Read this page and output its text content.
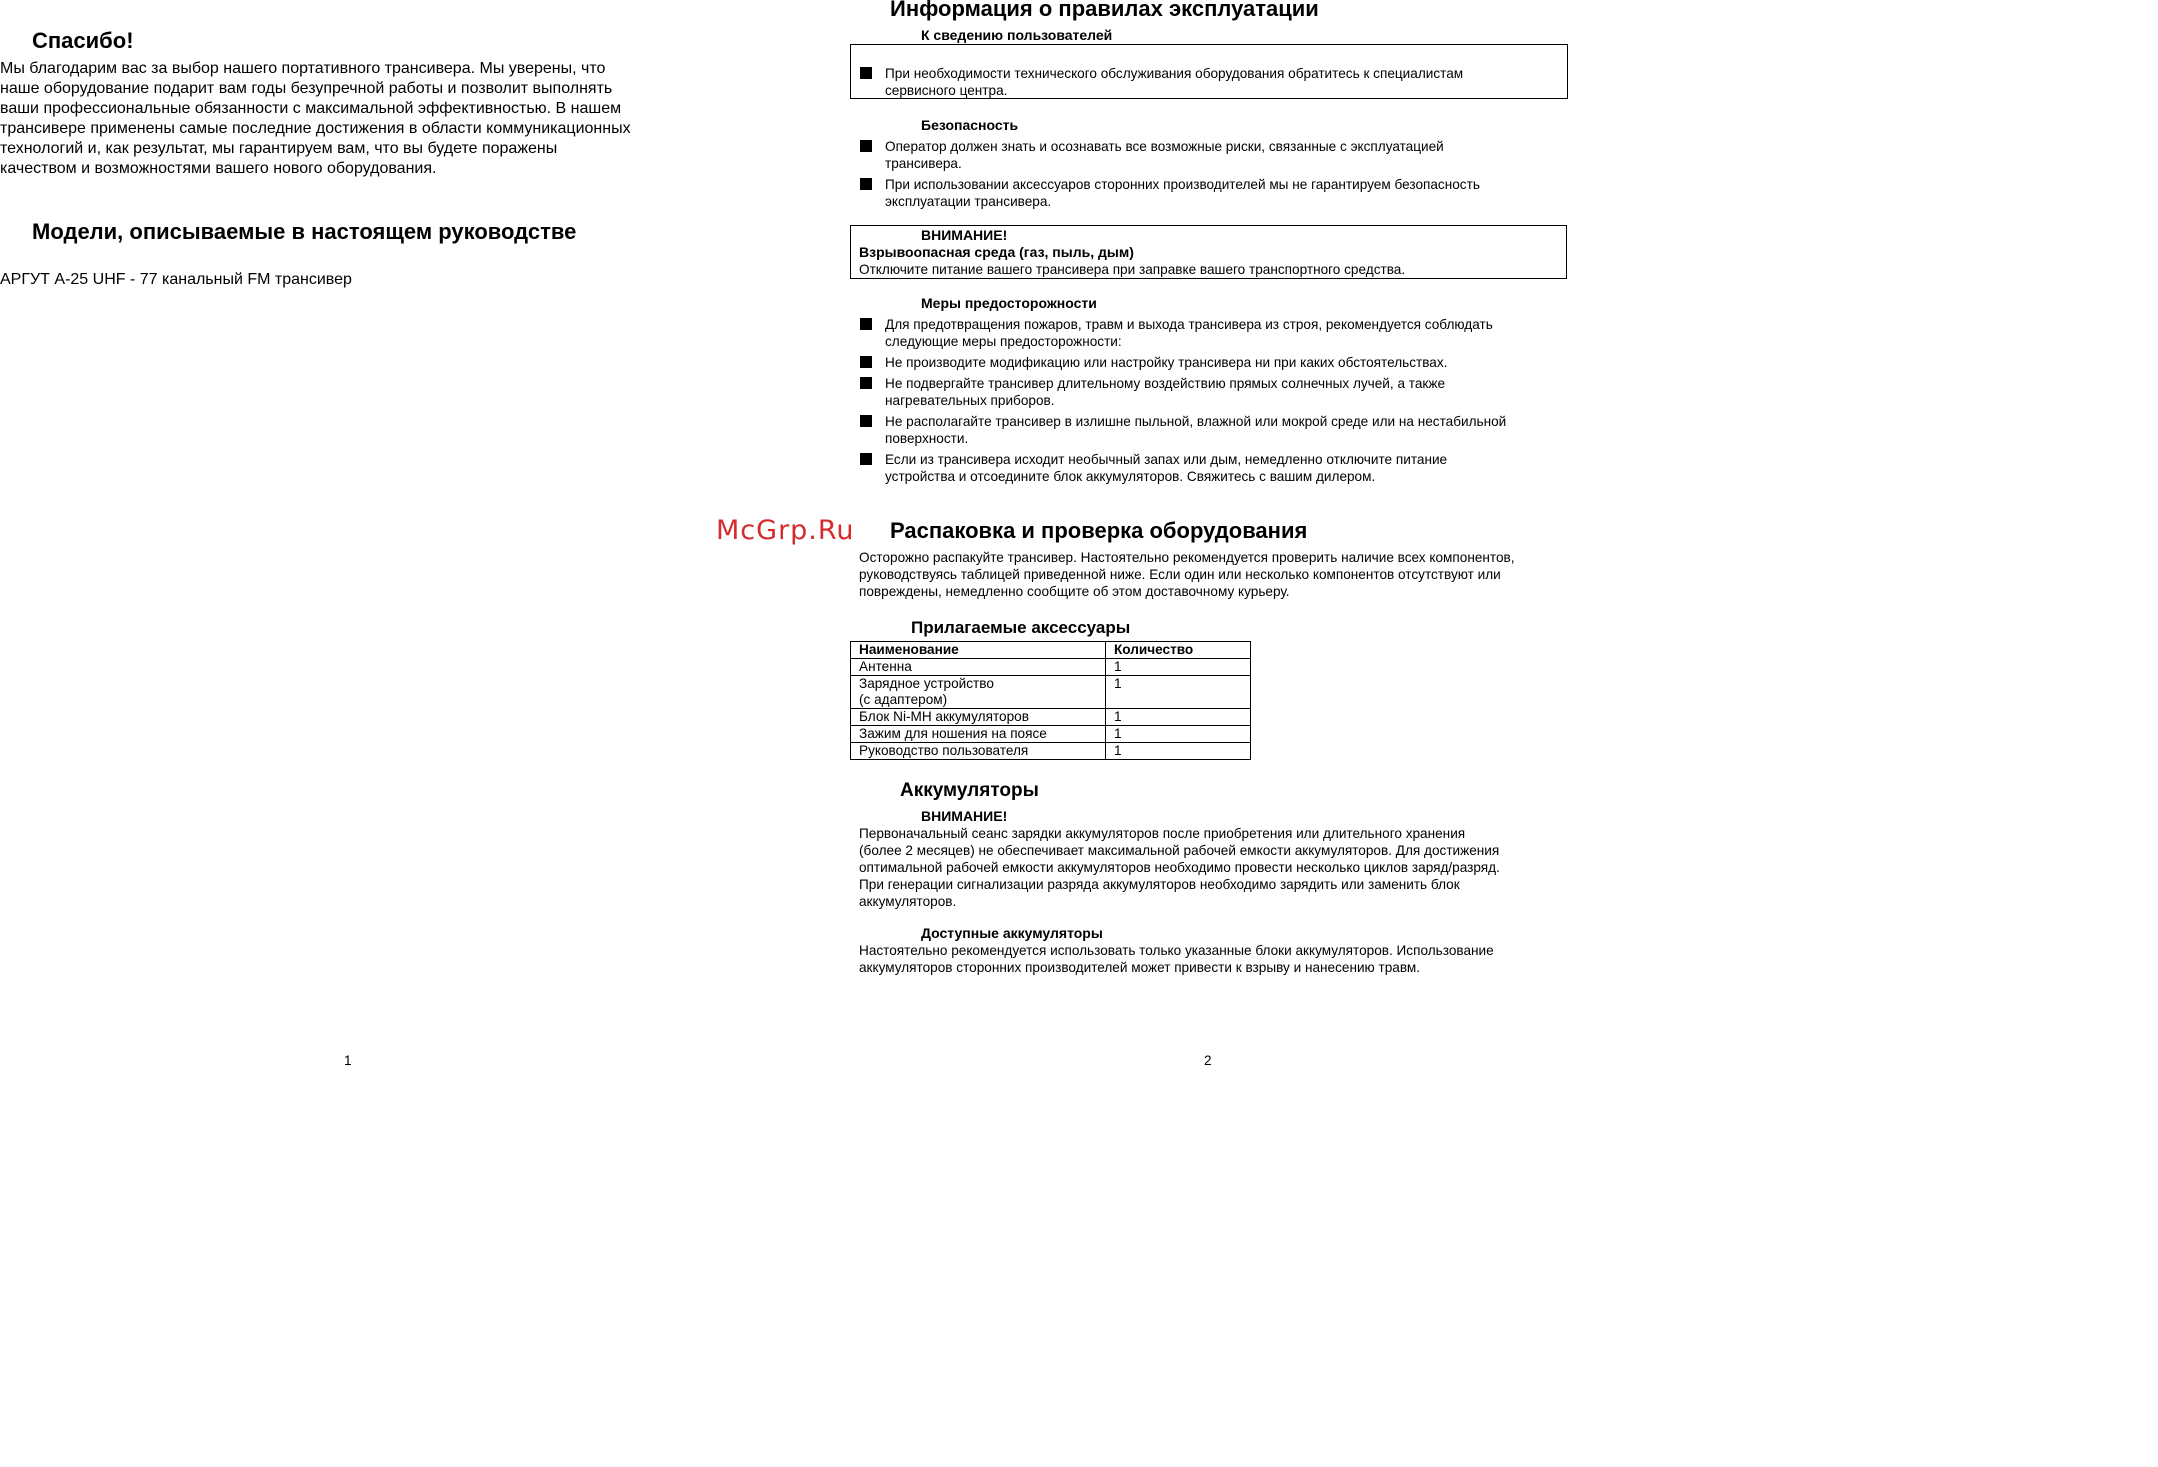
Спасибо!
Мы благодарим вас за выбор нашего портативного трансивера. Мы уверены, что
наше оборудование подарит вам годы безупречной работы и позволит выполнять
ваши профессиональные обязанности с максимальной эффективностью. В нашем
трансивере применены самые последние достижения в области коммуникационных
технологий и, как результат, мы гарантируем вам, что вы будете поражены
качеством и возможностями вашего нового оборудования.
Модели, описываемые в настоящем руководстве
АРГУТ А-25 UHF - 77 канальный FM трансивер
1
Информация о правилах эксплуатации
К сведению пользователей
При необходимости технического обслуживания оборудования обратитесь к специалистам
сервисного центра.
Безопасность
Оператор должен знать и осознавать все возможные риски, связанные с эксплуатацией
трансивера.
При использовании аксессуаров сторонних производителей мы не гарантируем безопасность
эксплуатации трансивера.
ВНИМАНИЕ!
Взрывоопасная среда (газ, пыль, дым)
Отключите питание вашего трансивера при заправке вашего транспортного средства.
Меры предосторожности
Для предотвращения пожаров, травм и выхода трансивера из строя, рекомендуется соблюдать
следующие меры предосторожности:
Не производите модификацию или настройку трансивера ни при каких обстоятельствах.
Не подвергайте трансивер длительному воздействию прямых солнечных лучей, а также
нагревательных приборов.
Не располагайте трансивер в излишне пыльной, влажной или мокрой среде или на нестабильной
поверхности.
Если из трансивера исходит необычный запах или дым, немедленно отключите питание
устройства и отсоедините блок аккумуляторов. Свяжитесь с вашим дилером.
McGrp.Ru Распаковка и проверка оборудования
Осторожно распакуйте трансивер. Настоятельно рекомендуется проверить наличие всех компонентов,
руководствуясь таблицей приведенной ниже. Если один или несколько компонентов отсутствуют или
повреждены, немедленно сообщите об этом доставочному курьеру.
Прилагаемые аксессуары
Наименование	Количество
Антенна	1

Зарядное устройство
(с адаптером)	1
Блок Ni-MH аккумуляторов	1
Зажим для ношения на поясе	1
Руководство пользователя	1
Аккумуляторы
ВНИМАНИЕ!
Первоначальный сеанс зарядки аккумуляторов после приобретения или длительного хранения
(более 2 месяцев) не обеспечивает максимальной рабочей емкости аккумуляторов. Для достижения
оптимальной рабочей емкости аккумуляторов необходимо провести несколько циклов заряд/разряд.
При генерации сигнализации разряда аккумуляторов необходимо зарядить или заменить блок
аккумуляторов.
Доступные аккумуляторы
Настоятельно рекомендуется использовать только указанные блоки аккумуляторов. Использование
аккумуляторов сторонних производителей может привести к взрыву и нанесению травм.
2
